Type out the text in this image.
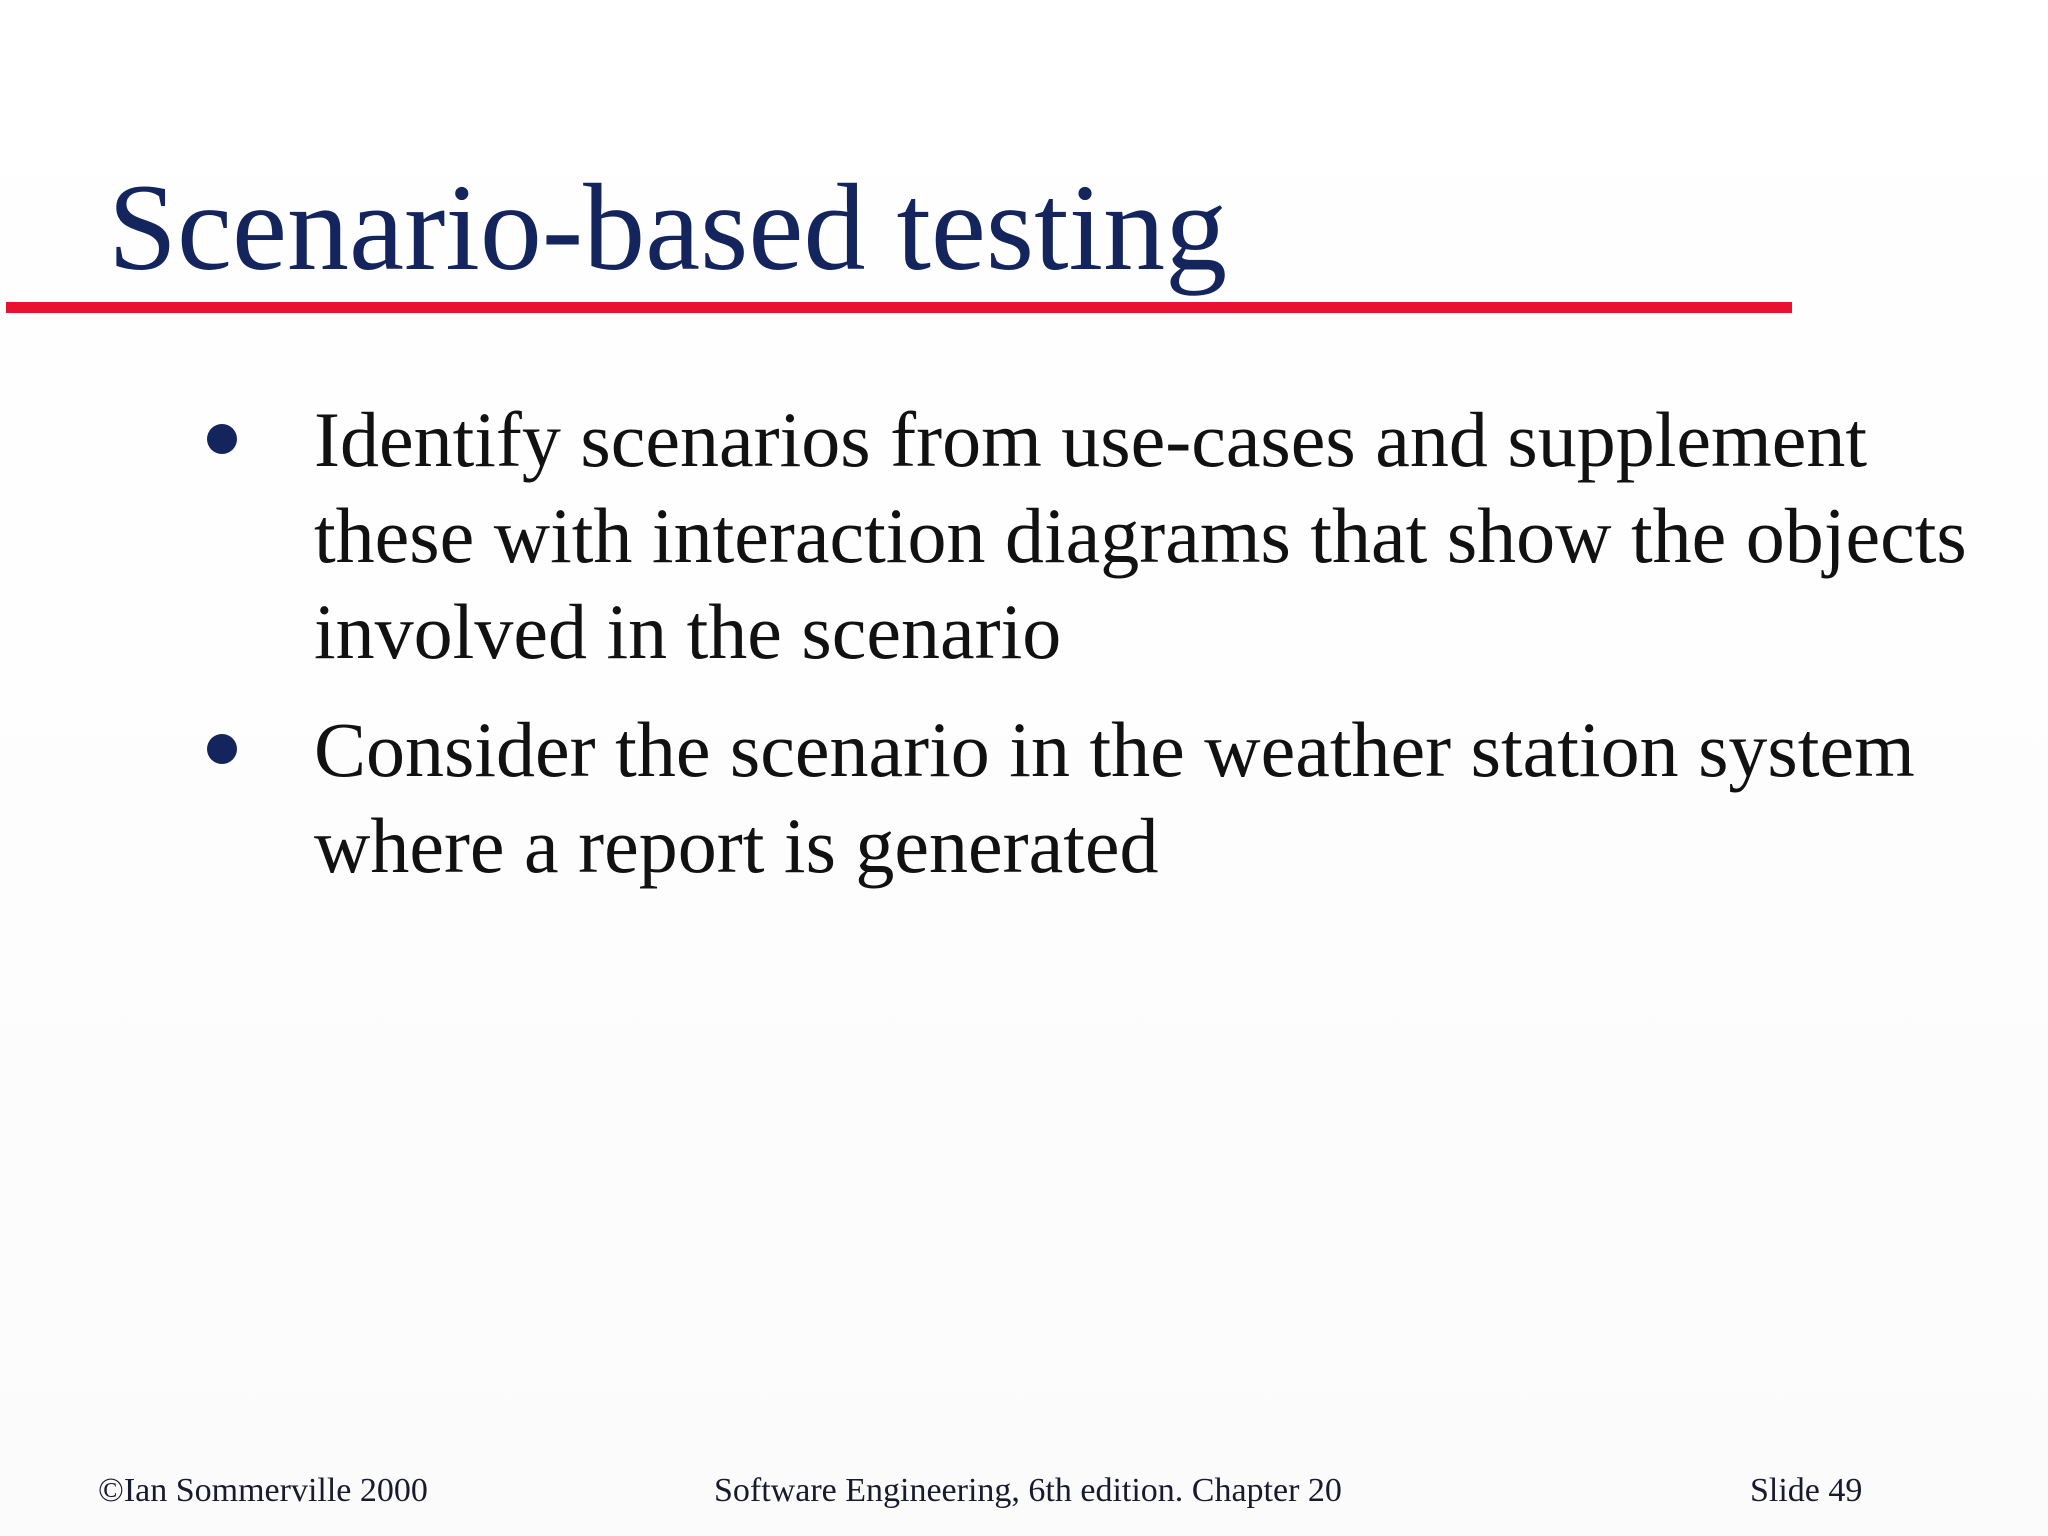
Scenario-based testing
Identify scenarios from use-cases and supplement these with interaction diagrams that show the objects involved in the scenario
Consider the scenario in the weather station system where a report is generated
©Ian Sommerville 2000	Software Engineering, 6th edition. Chapter 20	Slide 49
